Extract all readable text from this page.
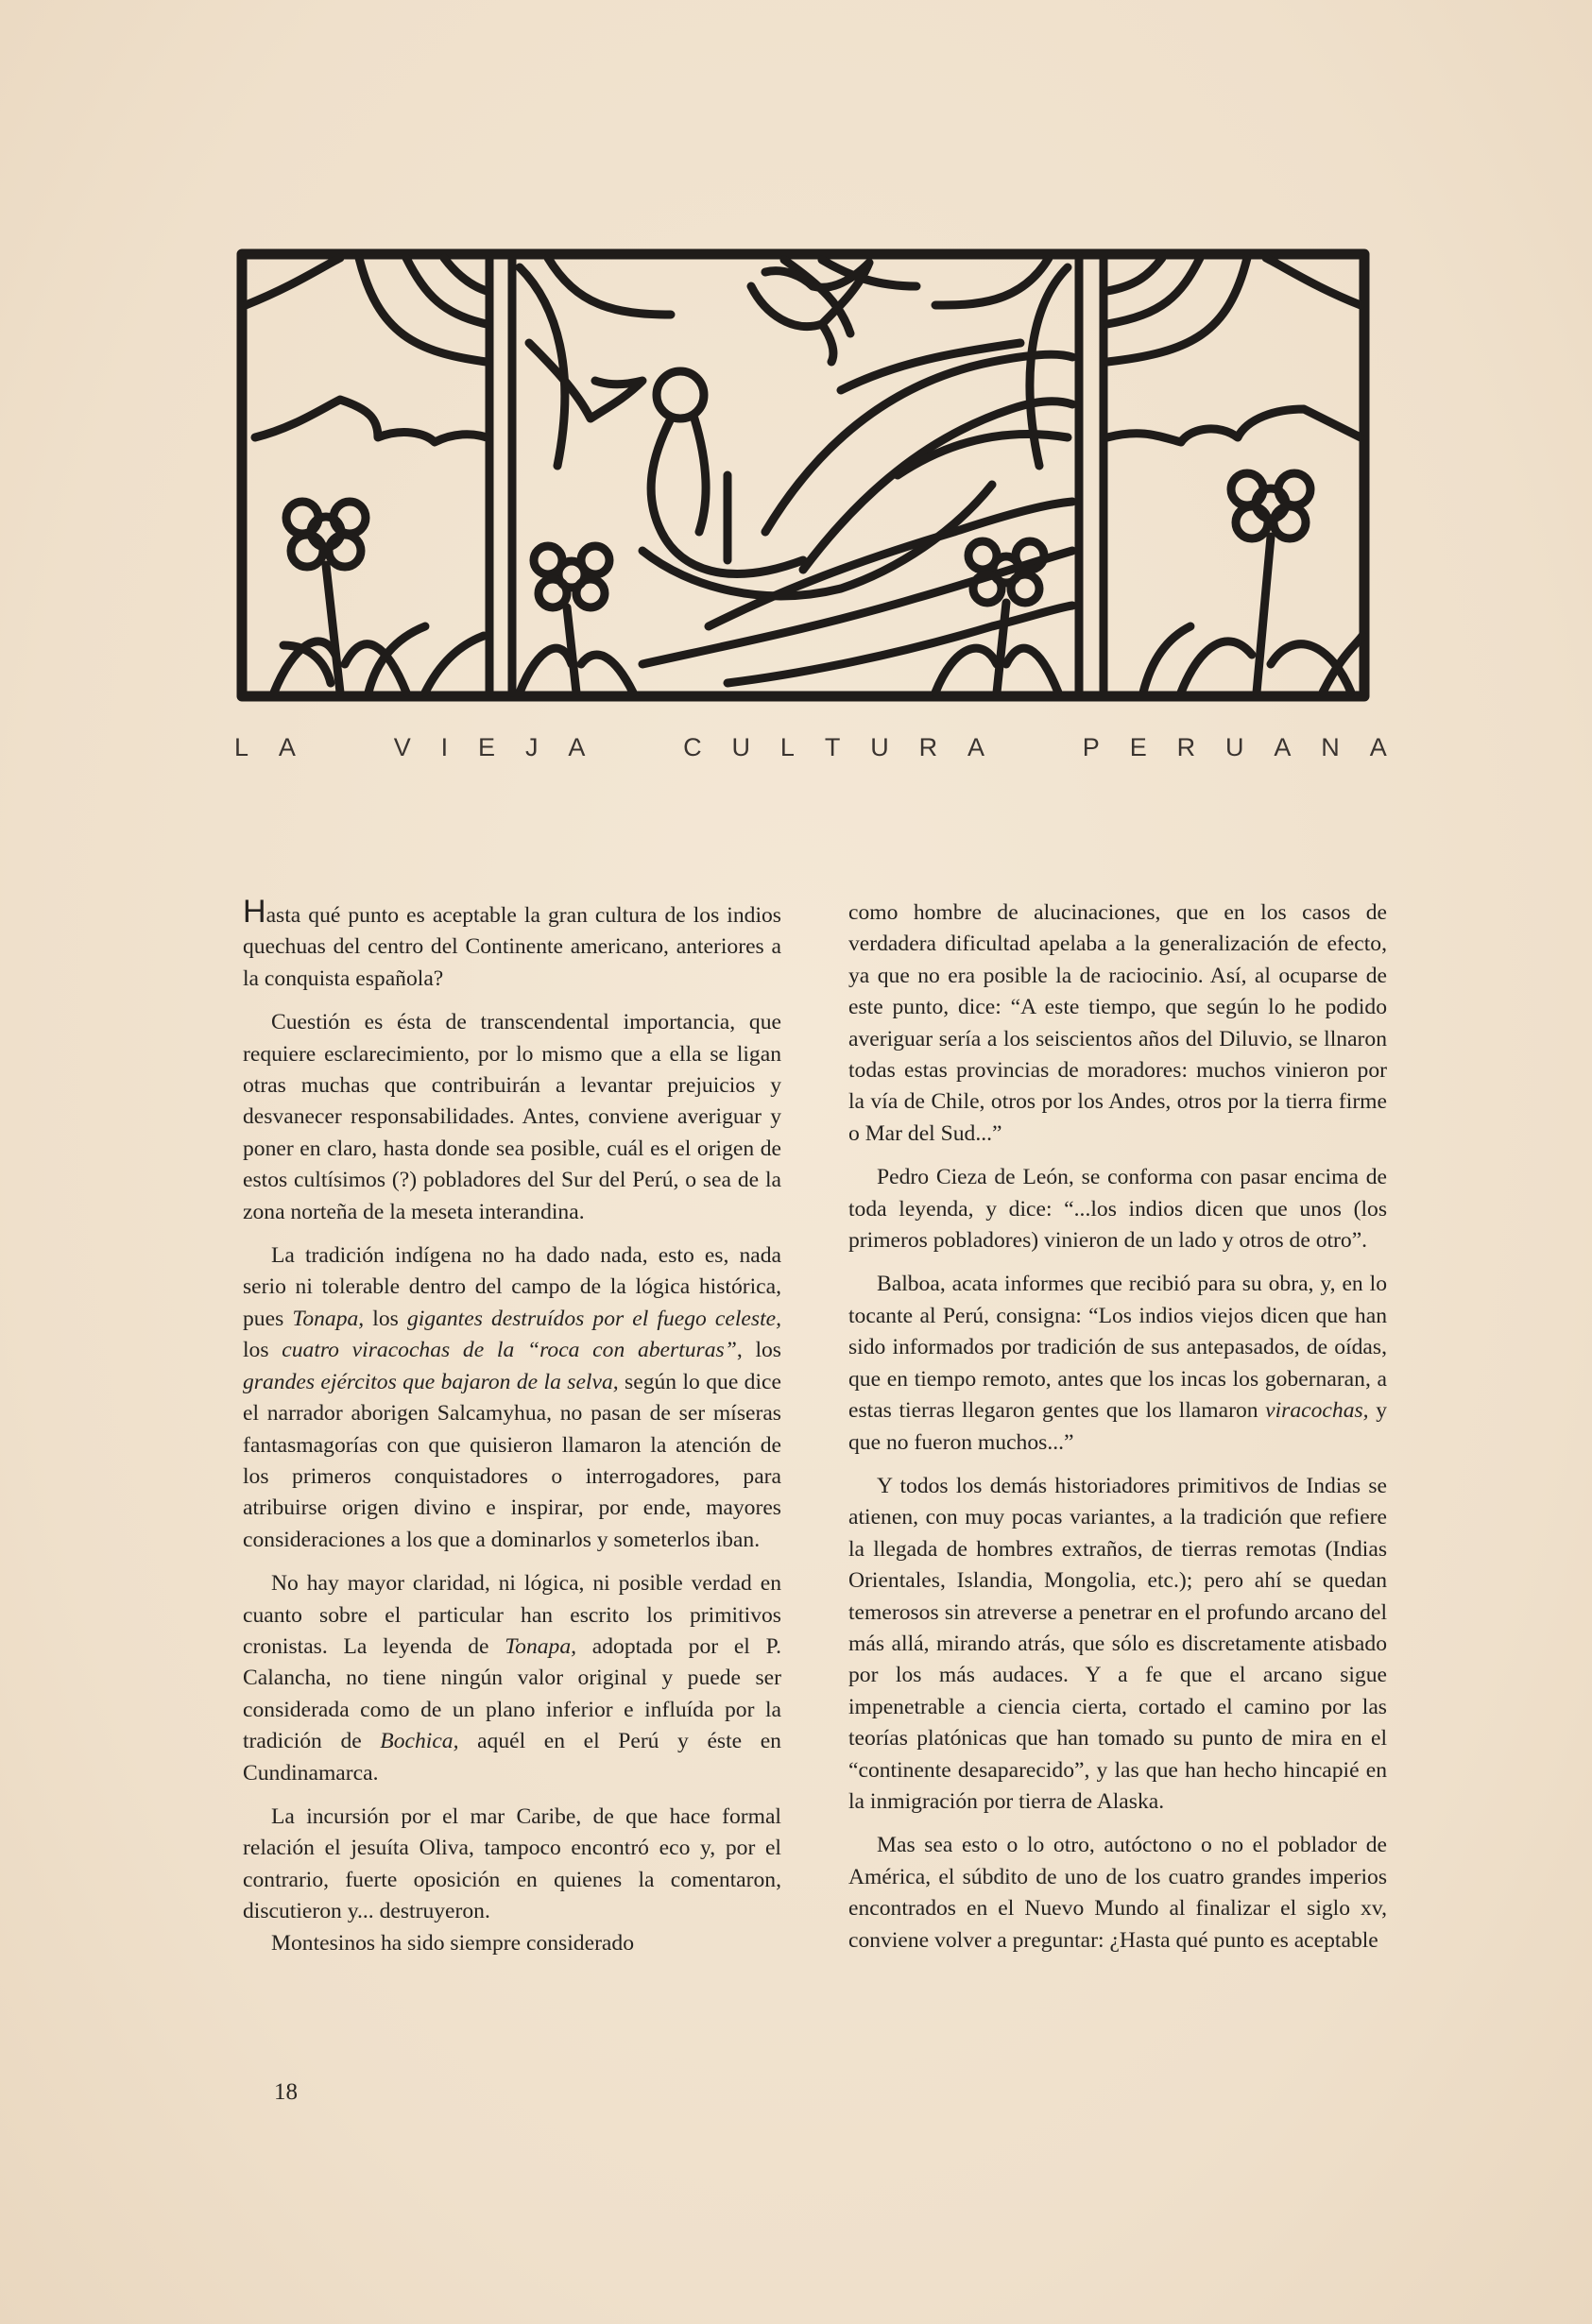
L A	V I E J A	C U L T U R A	P E R U A N A

Hasta qué punto es aceptable la gran cultura de los indios quechuas del centro del Continente americano, anteriores a la conquista española?

Cuestión es ésta de transcendental importancia, que requiere esclarecimiento, por lo mismo que a ella se ligan otras muchas que contribuirán a levantar prejuicios y desvanecer responsabilidades. Antes, conviene averiguar y poner en claro, hasta donde sea posible, cuál es el origen de estos cultísimos (?) pobladores del Sur del Perú, o sea de la zona norteña de la meseta interandina.

La tradición indígena no ha dado nada, esto es, nada serio ni tolerable dentro del campo de la lógica histórica, pues Tonapa, los gigantes destruídos por el fuego celeste, los cuatro viracochas de la “roca con aberturas”, los grandes ejércitos que bajaron de la selva, según lo que dice el narrador aborigen Salcamyhua, no pasan de ser míseras fantasmagorías con que quisieron llamaron la atención de los primeros conquistadores o interrogadores, para atribuirse origen divino e inspirar, por ende, mayores consideraciones a los que a dominarlos y someterlos iban.

No hay mayor claridad, ni lógica, ni posible verdad en cuanto sobre el particular han escrito los primitivos cronistas. La leyenda de Tonapa, adoptada por el P. Calancha, no tiene ningún valor original y puede ser considerada como de un plano inferior e influída por la tradición de Bochica, aquél en el Perú y éste en Cundinamarca.

La incursión por el mar Caribe, de que hace formal relación el jesuíta Oliva, tampoco encontró eco y, por el contrario, fuerte oposición en quienes la comentaron, discutieron y... destruyeron.

Montesinos ha sido siempre considerado

como hombre de alucinaciones, que en los casos de verdadera dificultad apelaba a la generalización de efecto, ya que no era posible la de raciocinio. Así, al ocuparse de este punto, dice: “A este tiempo, que según lo he podido averiguar sería a los seiscientos años del Diluvio, se llnaron todas estas provincias de moradores: muchos vinieron por la vía de Chile, otros por los Andes, otros por la tierra firme o Mar del Sud...”

Pedro Cieza de León, se conforma con pasar encima de toda leyenda, y dice: “...los indios dicen que unos (los primeros pobladores) vinieron de un lado y otros de otro”.

Balboa, acata informes que recibió para su obra, y, en lo tocante al Perú, consigna: “Los indios viejos dicen que han sido informados por tradición de sus antepasados, de oídas, que en tiempo remoto, antes que los incas los gobernaran, a estas tierras llegaron gentes que los llamaron viracochas, y que no fueron muchos...”

Y todos los demás historiadores primitivos de Indias se atienen, con muy pocas variantes, a la tradición que refiere la llegada de hombres extraños, de tierras remotas (Indias Orientales, Islandia, Mongolia, etc.); pero ahí se quedan temerosos sin atreverse a penetrar en el profundo arcano del más allá, mirando atrás, que sólo es discretamente atisbado por los más audaces. Y a fe que el arcano sigue impenetrable a ciencia cierta, cortado el camino por las teorías platónicas que han tomado su punto de mira en el “continente desaparecido”, y las que han hecho hincapié en la inmigración por tierra de Alaska.

Mas sea esto o lo otro, autóctono o no el poblador de América, el súbdito de uno de los cuatro grandes imperios encontrados en el Nuevo Mundo al finalizar el siglo xv, conviene volver a preguntar: ¿Hasta qué punto es aceptable

18
